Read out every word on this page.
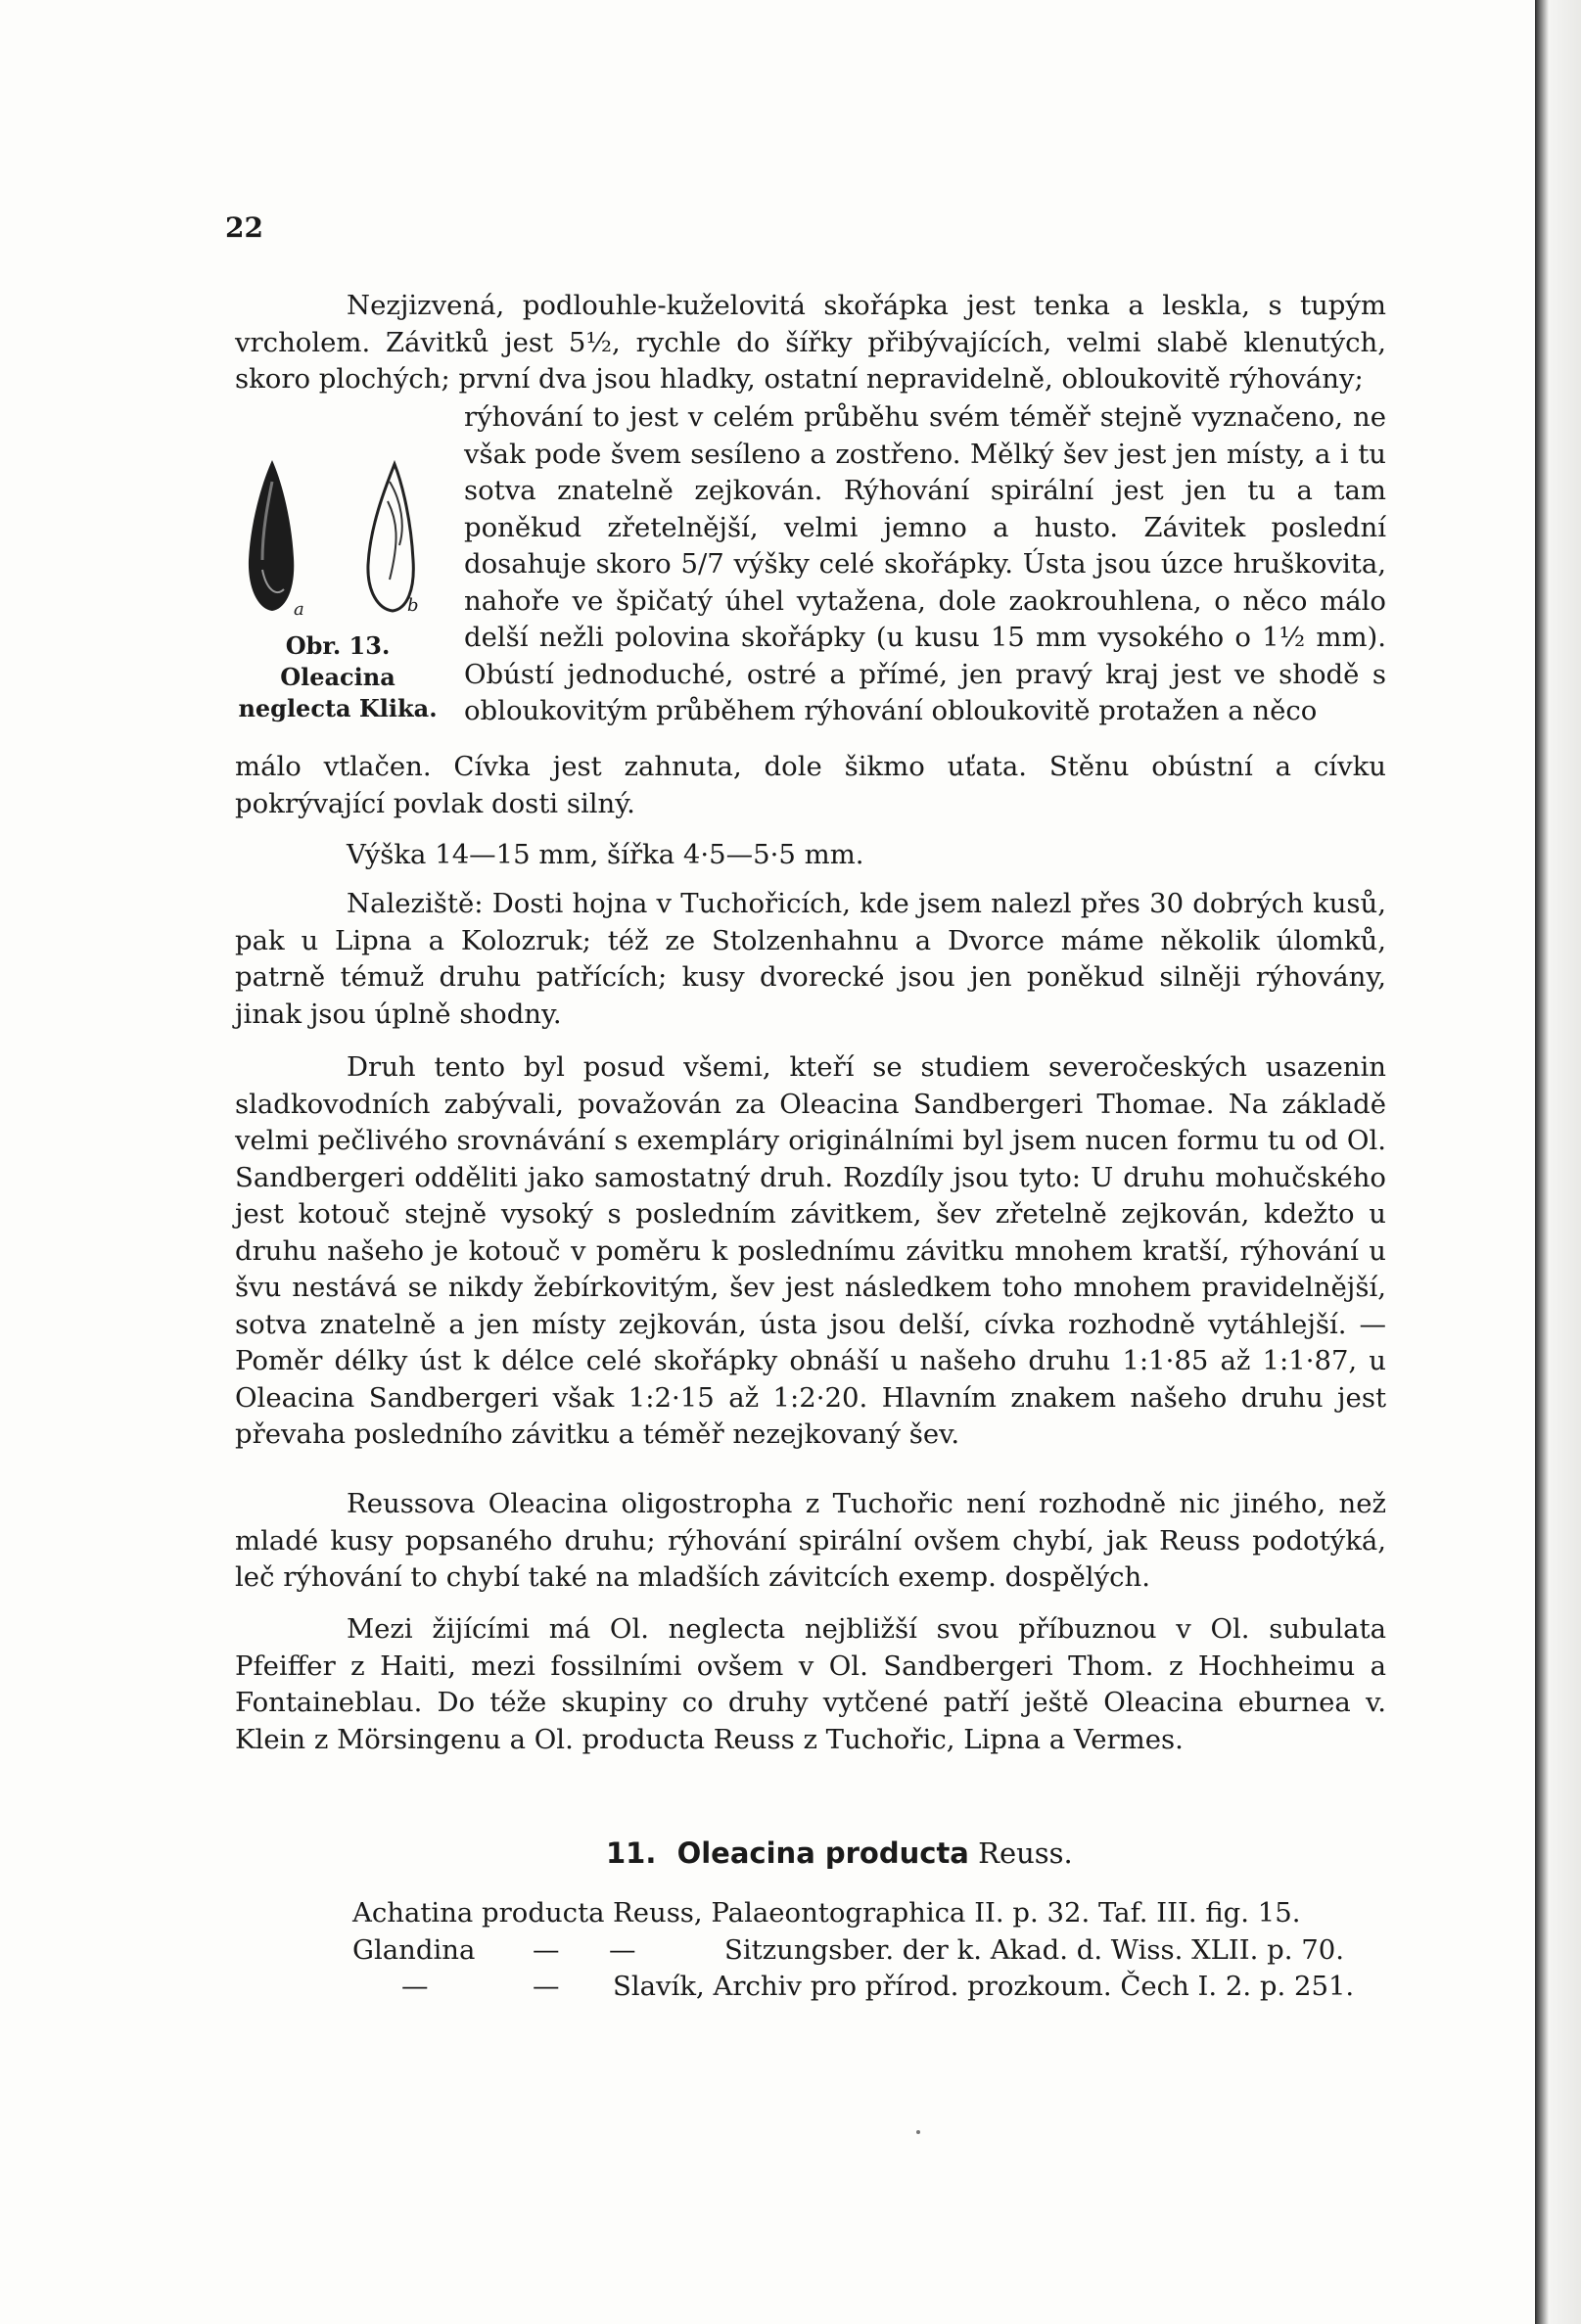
22

Nezjizvená, podlouhle-kuželovitá skořápka jest tenka a leskla, s tupým vrcholem. Závitků jest 5½, rychle do šířky přibývajících, velmi slabě klenutých, skoro plochých; první dva jsou hladky, ostatní nepravidelně, obloukovitě rýhovány;

a	b
Obr. 13. Oleacina
neglecta Klika.
rýhování to jest v celém průběhu svém téměř stejně vyznačeno, ne však pode švem sesíleno a zostřeno. Mělký šev jest jen místy, a i tu sotva znatelně zejkován. Rýhování spirální jest jen tu a tam poněkud zřetelnější, velmi jemno a husto. Závitek poslední dosahuje skoro 5/7 výšky celé skořápky. Ústa jsou úzce hruškovita, nahoře ve špičatý úhel vytažena, dole zaokrouhlena, o něco málo delší nežli polovina skořápky (u kusu 15 mm vysokého o 1½ mm). Obústí jednoduché, ostré a přímé, jen pravý kraj jest ve shodě s obloukovitým průběhem rýhování obloukovitě protažen a něco

málo vtlačen. Cívka jest zahnuta, dole šikmo uťata. Stěnu obústní a cívku pokrývající povlak dosti silný.

Výška 14—15 mm, šířka 4·5—5·5 mm.

Naleziště: Dosti hojna v Tuchořicích, kde jsem nalezl přes 30 dobrých kusů, pak u Lipna a Kolozruk; též ze Stolzenhahnu a Dvorce máme několik úlomků, patrně témuž druhu patřících; kusy dvorecké jsou jen poněkud silněji rýhovány, jinak jsou úplně shodny.

Druh tento byl posud všemi, kteří se studiem severočeských usazenin sladkovodních zabývali, považován za Oleacina Sandbergeri Thomae. Na základě velmi pečlivého srovnávání s exempláry originálními byl jsem nucen formu tu od Ol. Sandbergeri odděliti jako samostatný druh. Rozdíly jsou tyto: U druhu mohučského jest kotouč stejně vysoký s posledním závitkem, šev zřetelně zejkován, kdežto u druhu našeho je kotouč v poměru k poslednímu závitku mnohem kratší, rýhování u švu nestává se nikdy žebírkovitým, šev jest následkem toho mnohem pravidelnější, sotva znatelně a jen místy zejkován, ústa jsou delší, cívka rozhodně vytáhlejší. — Poměr délky úst k délce celé skořápky obnáší u našeho druhu 1:1·85 až 1:1·87, u Oleacina Sandbergeri však 1:2·15 až 1:2·20. Hlavním znakem našeho druhu jest převaha posledního závitku a téměř nezejkovaný šev.

Reussova Oleacina oligostropha z Tuchořic není rozhodně nic jiného, než mladé kusy popsaného druhu; rýhování spirální ovšem chybí, jak Reuss podotýká, leč rýhování to chybí také na mladších závitcích exemp. dospělých.

Mezi žijícími má Ol. neglecta nejbližší svou příbuznou v Ol. subulata Pfeiffer z Haiti, mezi fossilními ovšem v Ol. Sandbergeri Thom. z Hochheimu a Fontaineblau. Do téže skupiny co druhy vytčené patří ještě Oleacina eburnea v. Klein z Mörsingenu a Ol. producta Reuss z Tuchořic, Lipna a Vermes.

11. Oleacina producta Reuss.
Achatina producta Reuss, Palaeontographica II. p. 32. Taf. III. fig. 15.
Glandina — —	Sitzungsber. der k. Akad. d. Wiss. XLII. p. 70.
—	— Slavík, Archiv pro přírod. prozkoum. Čech I. 2. p. 251.
